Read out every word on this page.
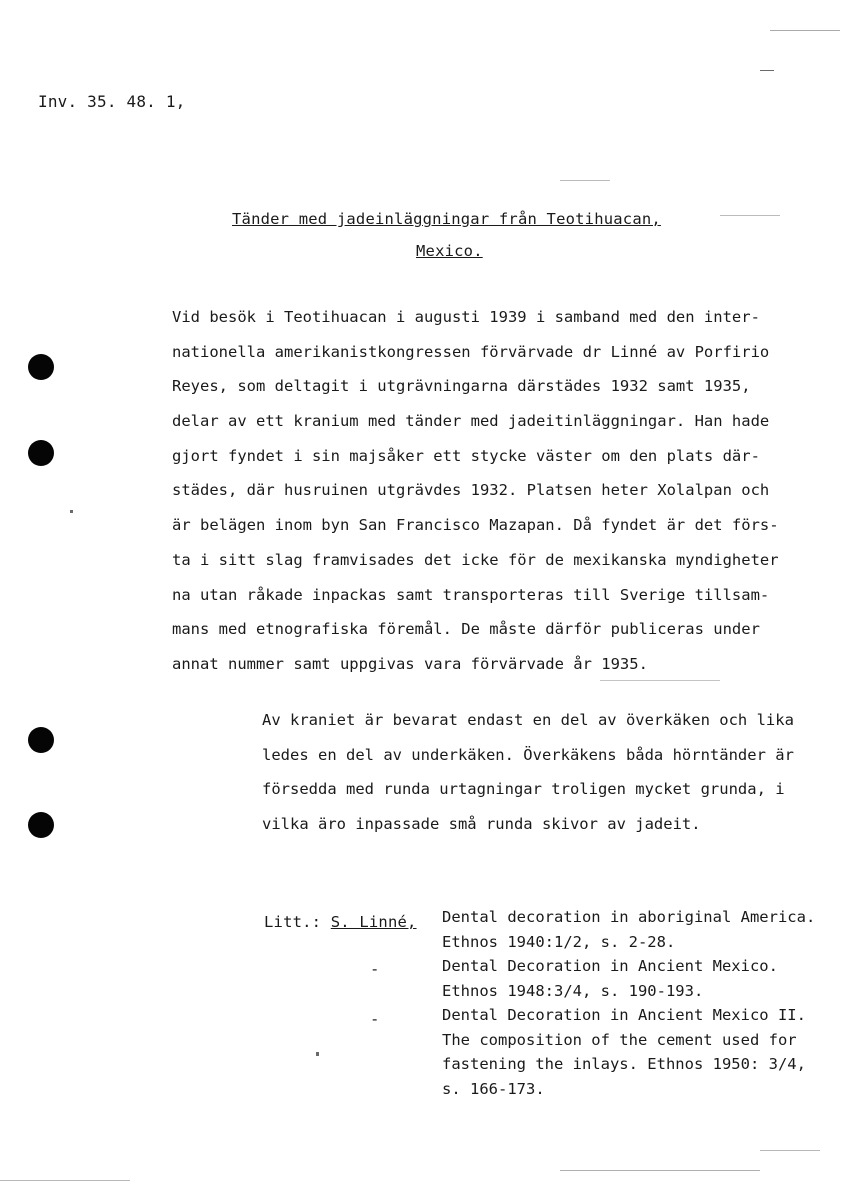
Inv. 35. 48. 1,
Tänder med jadeinläggningar från Teotihuacan,
Mexico.
Vid besök i Teotihuacan i augusti 1939 i samband med den inter-
nationella amerikanistkongressen förvärvade dr Linné av Porfirio
Reyes, som deltagit i utgrävningarna därstädes 1932 samt 1935,
delar av ett kranium med tänder med jadeitinläggningar. Han hade
gjort fyndet i sin majsåker ett stycke väster om den plats där-
städes, där husruinen utgrävdes 1932. Platsen heter Xolalpan och
är belägen inom byn San Francisco Mazapan. Då fyndet är det förs-
ta i sitt slag framvisades det icke för de mexikanska myndigheter
na utan råkade inpackas samt transporteras till Sverige tillsam-
mans med etnografiska föremål. De måste därför publiceras under
annat nummer samt uppgivas vara förvärvade år 1935.
Av kraniet är bevarat endast en del av överkäken och lika
ledes en del av underkäken. Överkäkens båda hörntänder är
försedda med runda urtagningar troligen mycket grunda, i
vilka äro inpassade små runda skivor av jadeit.
Litt.: S. Linné,
-
-
Dental decoration in aboriginal America.
Ethnos 1940:1/2, s. 2-28.
Dental Decoration in Ancient Mexico.
Ethnos 1948:3/4, s. 190-193.
Dental Decoration in Ancient Mexico II.
The composition of the cement used for
fastening the inlays. Ethnos 1950: 3/4,
s. 166-173.
